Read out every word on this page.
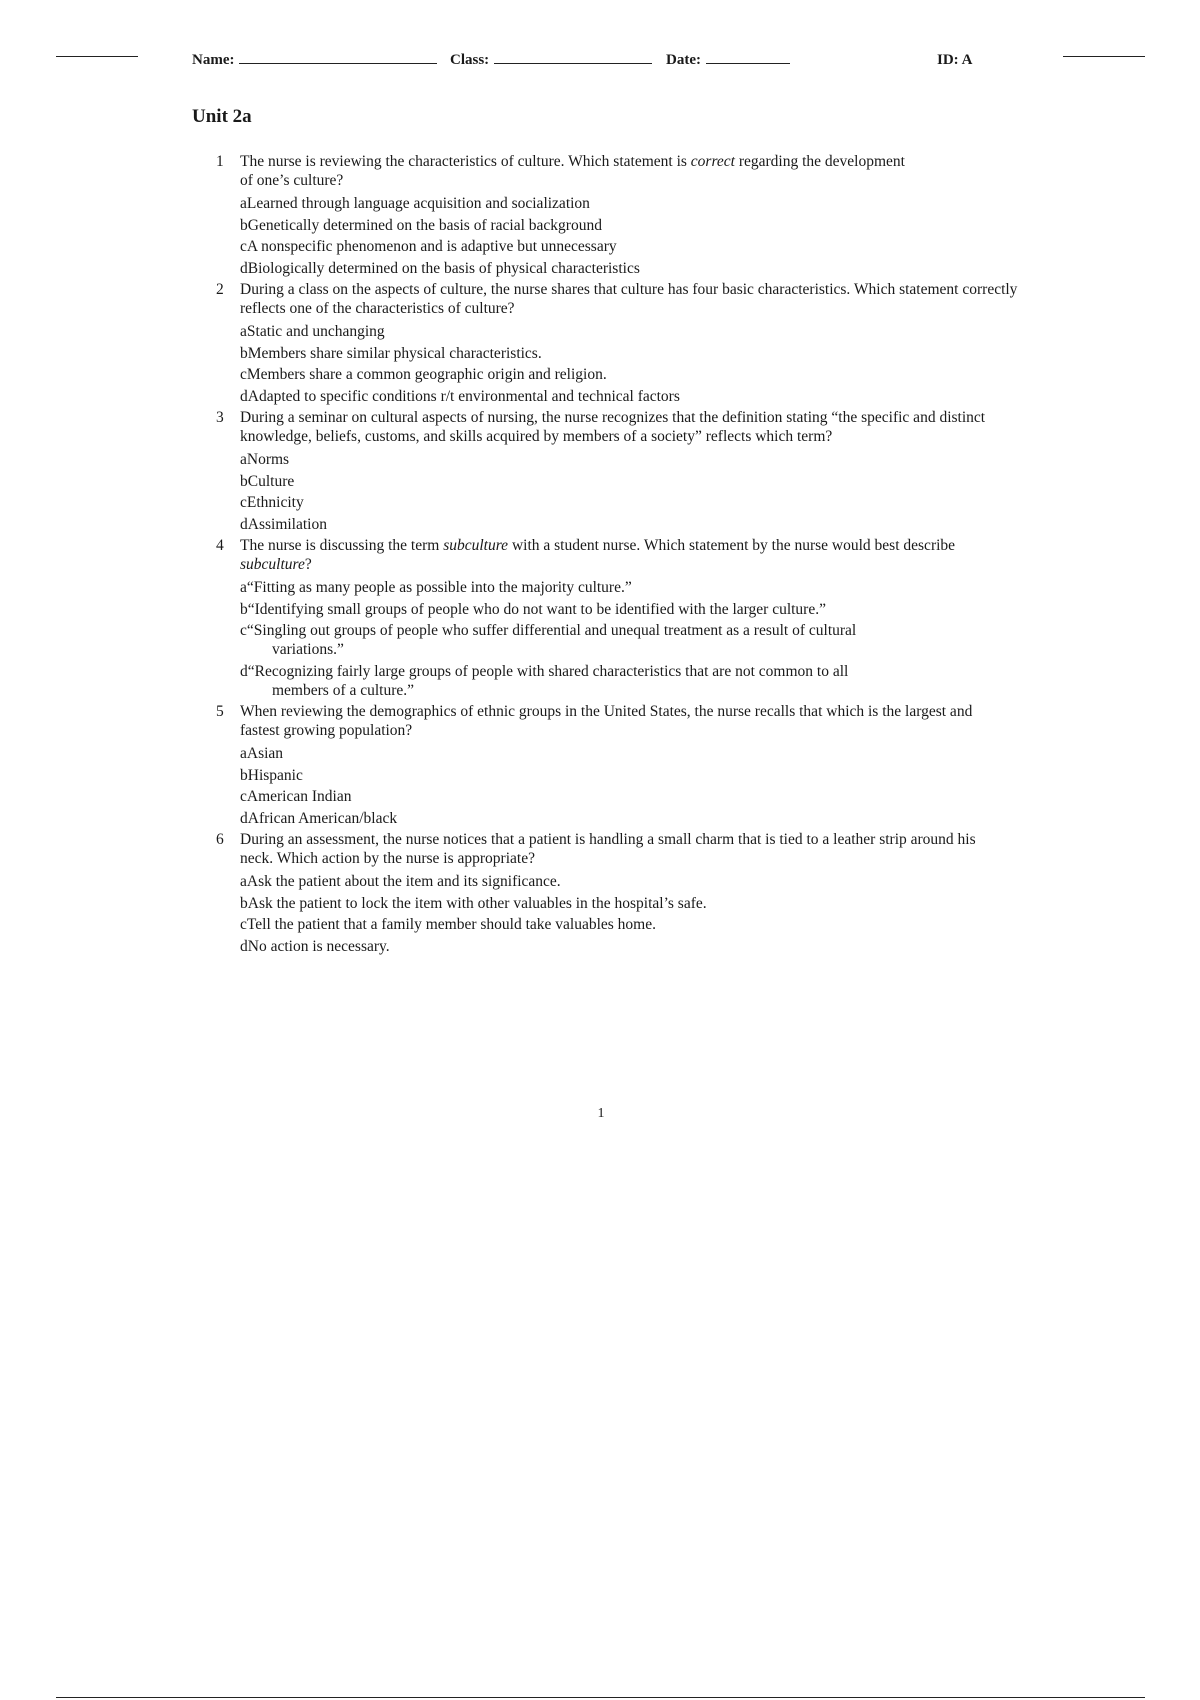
Name:	Class:	Date:	ID: A
Unit 2a
1	The nurse is reviewing the characteristics of culture. Which statement is correct regarding the development of one’s culture?
aLearned through language acquisition and socialization
bGenetically determined on the basis of racial background
cA nonspecific phenomenon and is adaptive but unnecessary
dBiologically determined on the basis of physical characteristics
2	During a class on the aspects of culture, the nurse shares that culture has four basic characteristics. Which statement correctly reflects one of the characteristics of culture?
aStatic and unchanging
bMembers share similar physical characteristics.
cMembers share a common geographic origin and religion.
dAdapted to specific conditions r/t environmental and technical factors
3	During a seminar on cultural aspects of nursing, the nurse recognizes that the definition stating “the specific and distinct knowledge, beliefs, customs, and skills acquired by members of a society” reflects which term?
aNorms
bCulture
cEthnicity
dAssimilation
4	The nurse is discussing the term subculture with a student nurse. Which statement by the nurse would best describe subculture?
a“Fitting as many people as possible into the majority culture.”
b“Identifying small groups of people who do not want to be identified with the larger culture.”
c“Singling out groups of people who suffer differential and unequal treatment as a result of cultural variations.”
d“Recognizing fairly large groups of people with shared characteristics that are not common to all members of a culture.”
5	When reviewing the demographics of ethnic groups in the United States, the nurse recalls that which is the largest and fastest growing population?
aAsian
bHispanic
cAmerican Indian
dAfrican American/black
6	During an assessment, the nurse notices that a patient is handling a small charm that is tied to a leather strip around his neck. Which action by the nurse is appropriate?
aAsk the patient about the item and its significance.
bAsk the patient to lock the item with other valuables in the hospital’s safe.
cTell the patient that a family member should take valuables home.
dNo action is necessary.
1
